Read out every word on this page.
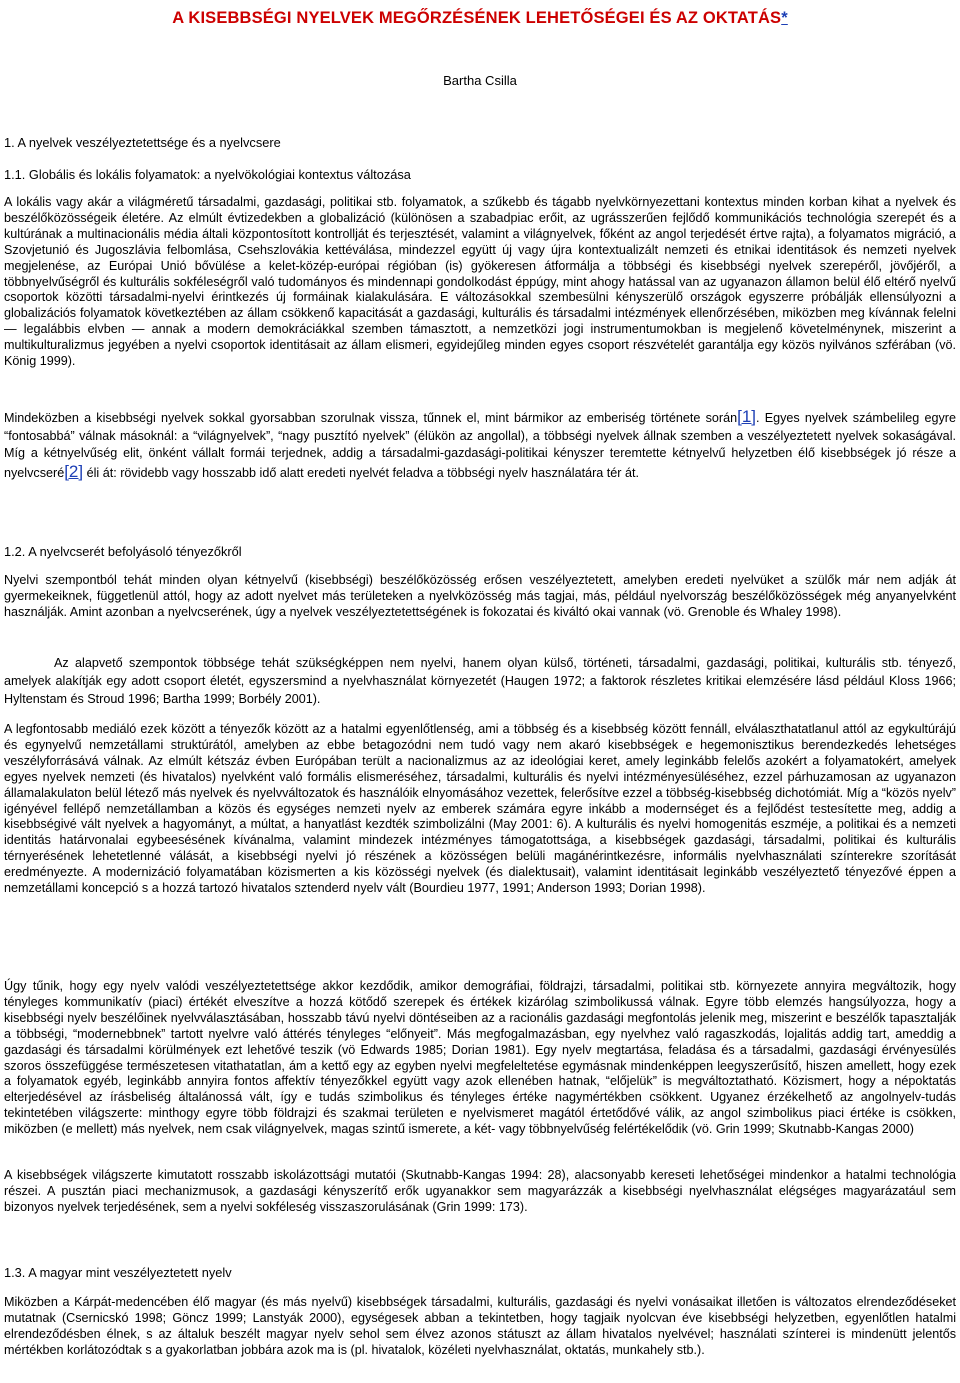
A KISEBBSÉGI NYELVEK MEGŐRZÉSÉNEK LEHETŐSÉGEI ÉS AZ OKTATÁS*

Bartha Csilla

1. A nyelvek veszélyeztetettsége és a nyelvcsere

1.1. Globális és lokális folyamatok: a nyelvökológiai kontextus változása

A lokális vagy akár a világméretű társadalmi, gazdasági, politikai stb. folyamatok, a szűkebb és tágabb nyelvkörnyezettani kontextus minden korban kihat a nyelvek és beszélőközösségeik életére. Az elmúlt évtizedekben a globalizáció (különösen a szabadpiac erőit, az ugrásszerűen fejlődő kommunikációs technológia szerepét és a kultúrának a multinacionális média általi központosított kontrollját és terjesztését, valamint a világnyelvek, főként az angol terjedését értve rajta), a folyamatos migráció, a Szovjetunió és Jugoszlávia felbomlása, Csehszlovákia kettéválása, mindezzel együtt új vagy újra kontextualizált nemzeti és etnikai identitások és nemzeti nyelvek megjelenése, az Európai Unió bővülése a kelet-közép-európai régióban (is) gyökeresen átformálja a többségi és kisebbségi nyelvek szerepéről, jövőjéről, a többnyelvűségről és kulturális sokféleségről való tudományos és mindennapi gondolkodást éppúgy, mint ahogy hatással van az ugyanazon államon belül élő eltérő nyelvű csoportok közötti társadalmi-nyelvi érintkezés új formáinak kialakulására. E változásokkal szembesülni kényszerülő országok egyszerre próbálják ellensúlyozni a globalizációs folyamatok következtében az állam csökkenő kapacitását a gazdasági, kulturális és társadalmi intézmények ellenőrzésében, miközben meg kívánnak felelni — legalábbis elvben — annak a modern demokráciákkal szemben támasztott, a nemzetközi jogi instrumentumokban is megjelenő követelménynek, miszerint a multikulturalizmus jegyében a nyelvi csoportok identitásait az állam elismeri, egyidejűleg minden egyes csoport részvételét garantálja egy közös nyilvános szférában (vö. König 1999).

Mindeközben a kisebbségi nyelvek sokkal gyorsabban szorulnak vissza, tűnnek el, mint bármikor az emberiség története során[1]. Egyes nyelvek számbelileg egyre “fontosabbá” válnak másoknál: a “világnyelvek”, “nagy pusztító nyelvek” (élükön az angollal), a többségi nyelvek állnak szemben a veszélyeztetett nyelvek sokaságával. Míg a kétnyelvűség elit, önként vállalt formái terjednek, addig a társadalmi-gazdasági-politikai kényszer teremtette kétnyelvű helyzetben élő kisebbségek jó része a nyelvcseré[2] éli át: rövidebb vagy hosszabb idő alatt eredeti nyelvét feladva a többségi nyelv használatára tér át.

1.2. A nyelvcserét befolyásoló tényezőkről

Nyelvi szempontból tehát minden olyan kétnyelvű (kisebbségi) beszélőközösség erősen veszélyeztetett, amelyben eredeti nyelvüket a szülők már nem adják át gyermekeiknek, függetlenül attól, hogy az adott nyelvet más területeken a nyelvközösség más tagjai, más, például nyelvország beszélőközösségek még anyanyelvként használják. Amint azonban a nyelvcserének, úgy a nyelvek veszélyeztetettségének is fokozatai és kiváltó okai vannak (vö. Grenoble és Whaley 1998).

Az alapvető szempontok többsége tehát szükségképpen nem nyelvi, hanem olyan külső, történeti, társadalmi, gazdasági, politikai, kulturális stb. tényező, amelyek alakítják egy adott csoport életét, egyszersmind a nyelvhasználat környezetét (Haugen 1972; a faktorok részletes kritikai elemzésére lásd például Kloss 1966; Hyltenstam és Stroud 1996; Bartha 1999; Borbély 2001).

A legfontosabb mediáló ezek között a tényezők között az a hatalmi egyenlőtlenség, ami a többség és a kisebbség között fennáll, elválaszthatatlanul attól az egykultúrájú és egynyelvű nemzetállami struktúrától, amelyben az ebbe betagozódni nem tudó vagy nem akaró kisebbségek e hegemonisztikus berendezkedés lehetséges veszélyforrásává válnak. Az elmúlt kétszáz évben Európában terült a nacionalizmus az az ideológiai keret, amely leginkább felelős azokért a folyamatokért, amelyek egyes nyelvek nemzeti (és hivatalos) nyelvként való formális elismeréséhez, társadalmi, kulturális és nyelvi intézményesüléséhez, ezzel párhuzamosan az ugyanazon államalakulaton belül létező más nyelvek és nyelvváltozatok és használóik elnyomásához vezettek, felerősítve ezzel a többség-kisebbség dichotómiát. Míg a “közös nyelv” igényével fellépő nemzetállamban a közös és egységes nemzeti nyelv az emberek számára egyre inkább a modernséget és a fejlődést testesítette meg, addig a kisebbségivé vált nyelvek a hagyományt, a múltat, a hanyatlást kezdték szimbolizálni (May 2001: 6). A kulturális és nyelvi homogenitás eszméje, a politikai és a nemzeti identitás határvonalai egybeesésének kívánalma, valamint mindezek intézményes támogatottsága, a kisebbségek gazdasági, társadalmi, politikai és kulturális térnyerésének lehetetlenné válását, a kisebbségi nyelvi jó részének a közösségen belüli magánérintkezésre, informális nyelvhasználati színterekre szorítását eredményezte. A modernizáció folyamatában közismerten a kis közösségi nyelvek (és dialektusait), valamint identitásait leginkább veszélyeztető tényezővé éppen a nemzetállami koncepció s a hozzá tartozó hivatalos sztenderd nyelv vált (Bourdieu 1977, 1991; Anderson 1993; Dorian 1998).

Úgy tűnik, hogy egy nyelv valódi veszélyeztetettsége akkor kezdődik, amikor demográfiai, földrajzi, társadalmi, politikai stb. környezete annyira megváltozik, hogy tényleges kommunikatív (piaci) értékét elveszítve a hozzá kötődő szerepek és értékek kizárólag szimbolikussá válnak. Egyre több elemzés hangsúlyozza, hogy a kisebbségi nyelv beszélőinek nyelvválasztásában, hosszabb távú nyelvi döntéseiben az a racionális gazdasági megfontolás jelenik meg, miszerint e beszélők tapasztalják a többségi, “modernebbnek” tartott nyelvre való áttérés tényleges “előnyeit”. Más megfogalmazásban, egy nyelvhez való ragaszkodás, lojalitás addig tart, ameddig a gazdasági és társadalmi körülmények ezt lehetővé teszik (vö Edwards 1985; Dorian 1981). Egy nyelv megtartása, feladása és a társadalmi, gazdasági érvényesülés szoros összefüggése természetesen vitathatatlan, ám a kettő egy az egyben nyelvi megfeleltetése egymásnak mindenképpen leegyszerűsítő, hiszen amellett, hogy ezek a folyamatok egyéb, leginkább annyira fontos affektív tényezőkkel együtt vagy azok ellenében hatnak, “előjelük” is megváltoztatható. Közismert, hogy a népoktatás elterjedésével az írásbeliség általánossá vált, így e tudás szimbolikus és tényleges értéke nagymértékben csökkent. Ugyanez érzékelhető az angolnyelv-tudás tekintetében világszerte: minthogy egyre több földrajzi és szakmai területen e nyelvismeret magától értetődővé válik, az angol szimbolikus piaci értéke is csökken, miközben (e mellett) más nyelvek, nem csak világnyelvek, magas szintű ismerete, a két- vagy többnyelvűség felértékelődik (vö. Grin 1999; Skutnabb-Kangas 2000)

A kisebbségek világszerte kimutatott rosszabb iskolázottsági mutatói (Skutnabb-Kangas 1994: 28), alacsonyabb kereseti lehetőségei mindenkor a hatalmi technológia részei. A pusztán piaci mechanizmusok, a gazdasági kényszerítő erők ugyanakkor sem magyarázzák a kisebbségi nyelvhasználat elégséges magyarázatául sem bizonyos nyelvek terjedésének, sem a nyelvi sokféleség visszaszorulásának (Grin 1999: 173).

1.3. A magyar mint veszélyeztetett nyelv

Miközben a Kárpát-medencében élő magyar (és más nyelvű) kisebbségek társadalmi, kulturális, gazdasági és nyelvi vonásaikat illetően is változatos elrendeződéseket mutatnak (Csernicskó 1998; Göncz 1999; Lanstyák 2000), egységesek abban a tekintetben, hogy tagjaik nyolcvan éve kisebbségi helyzetben, egyenlőtlen hatalmi elrendeződésben élnek, s az általuk beszélt magyar nyelv sehol sem élvez azonos státuszt az állam hivatalos nyelvével; használati színterei is mindenütt jelentős mértékben korlátozódtak s a gyakorlatban jobbára azok ma is (pl. hivatalok, közéleti nyelvhasználat, oktatás, munkahely stb.).
